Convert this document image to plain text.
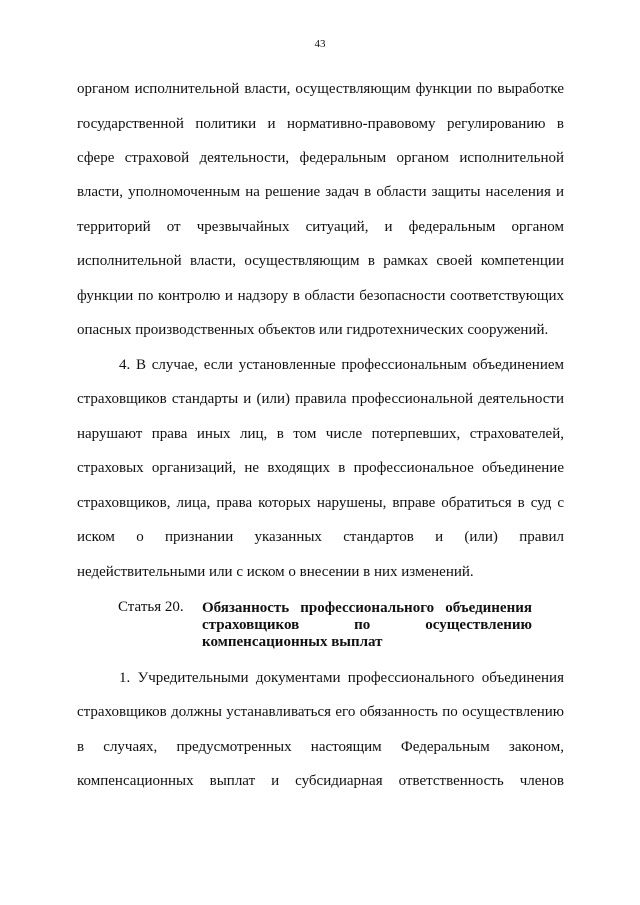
43
органом исполнительной власти, осуществляющим функции по выработке
государственной политики и нормативно-правовому регулированию в
сфере страховой деятельности, федеральным органом исполнительной
власти, уполномоченным на решение задач в области защиты населения и
территорий от чрезвычайных ситуаций, и федеральным органом
исполнительной власти, осуществляющим в рамках своей компетенции
функции по контролю и надзору в области безопасности соответствующих
опасных производственных объектов или гидротехнических сооружений.
4. В случае, если установленные профессиональным объединением
страховщиков стандарты и (или) правила профессиональной деятельности
нарушают права иных лиц, в том числе потерпевших, страхователей,
страховых организаций, не входящих в профессиональное объединение
страховщиков, лица, права которых нарушены, вправе обратиться в суд с
иском о признании указанных стандартов и (или) правил
недействительными или с иском о внесении в них изменений.
Статья 20. Обязанность профессионального объединения
страховщиков по осуществлению
компенсационных выплат
1. Учредительными документами профессионального объединения
страховщиков должны устанавливаться его обязанность по осуществлению
в случаях, предусмотренных настоящим Федеральным законом,
компенсационных выплат и субсидиарная ответственность членов
